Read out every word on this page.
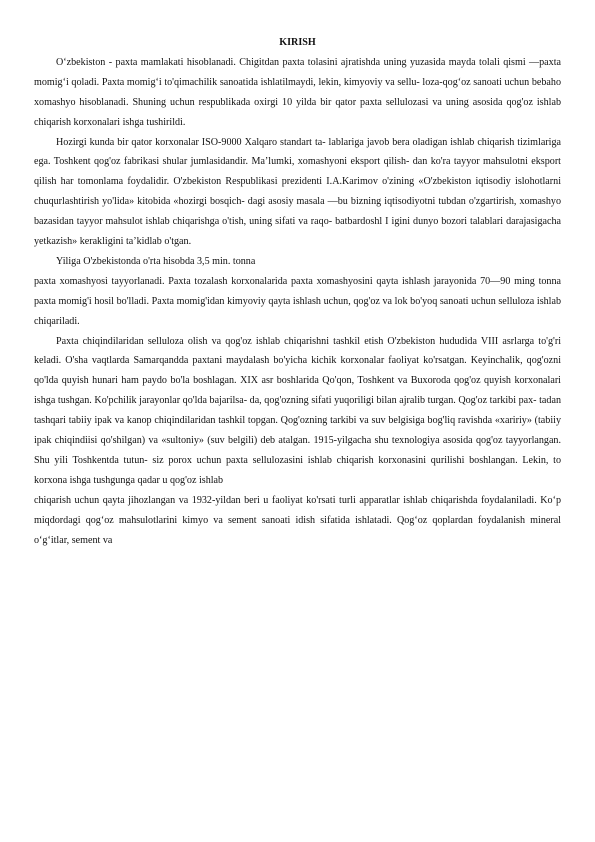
KIRISH

O‘zbekiston - paxta mamlakati hisoblanadi. Chigitdan paxta tolasini ajratishda uning yuzasida mayda tolali qismi —paxta momig‘i qoladi. Paxta momig‘i to'qimachilik sanoatida ishlatilmaydi, lekin, kimyoviy va sellu- loza-qog‘oz sanoati uchun bebaho xomashyo hisoblanadi. Shuning uchun respublikada oxirgi 10 yilda bir qator paxta sellulozasi va uning asosida qog'oz ishlab chiqarish korxonalari ishga tushirildi.

Hozirgi kunda bir qator korxonalar ISO-9000 Xalqaro standart ta- lablariga javob bera oladigan ishlab chiqarish tizimlariga ega. Toshkent qog'oz fabrikasi shular jumlasidandir. Ma’lumki, xomashyoni eksport qilish- dan ko'ra tayyor mahsulotni eksport qilish har tomonlama foydalidir. O'zbekiston Respublikasi prezidenti I.A.Karimov o'zining «O'zbekiston iqtisodiy islohotlarni chuqurlashtirish yo'lida» kitobida «hozirgi bosqich- dagi asosiy masala —bu bizning iqtisodiyotni tubdan o'zgartirish, xomashyo bazasidan tayyor mahsulot ishlab chiqarishga o'tish, uning sifati va raqo- batbardoshl I igini dunyo bozori talablari darajasigacha yetkazish» kerakligini ta’kidlab o'tgan.

Yiliga O'zbekistonda o'rta hisobda 3,5 min. tonna

paxta xomashyosi tayyorlanadi. Paxta tozalash korxonalarida paxta xomashyosini qayta ishlash jarayonida 70—90 ming tonna paxta momig'i hosil bo'lladi. Paxta momig'idan kimyoviy qayta ishlash uchun, qog'oz va lok bo'yoq sanoati uchun selluloza ishlab chiqariladi.

Paxta chiqindilaridan selluloza olish va qog'oz ishlab chiqarishni tashkil etish O'zbekiston hududida VIII asrlarga to'g'ri keladi. O'sha vaqtlarda Samarqandda paxtani maydalash bo'yicha kichik korxonalar faoliyat ko'rsatgan. Keyinchalik, qog'ozni qo'lda quyish hunari ham paydo bo'la boshlagan. XIX asr boshlarida Qo'qon, Toshkent va Buxoroda qog'oz quyish korxonalari ishga tushgan. Ko'pchilik jarayonlar qo'lda bajarilsa- da, qog'ozning sifati yuqoriligi bilan ajralib turgan. Qog'oz tarkibi pax- tadan tashqari tabiiy ipak va kanop chiqindilaridan tashkil topgan. Qog'ozning tarkibi va suv belgisiga bog'liq ravishda «xaririy» (tabiiy ipak chiqindiisi qo'shilgan) va «sultoniy» (suv belgili) deb atalgan. 1915-yilgacha shu texnologiya asosida qog'oz tayyorlangan. Shu yili Toshkentda tutun- siz porox uchun paxta sellulozasini ishlab chiqarish korxonasini qurilishi boshlangan. Lekin, to korxona ishga tushgunga qadar u qog'oz ishlab

chiqarish uchun qayta jihozlangan va 1932-yildan beri u faoliyat ko'rsati turli apparatlar ishlab chiqarishda foydalaniladi. Ko‘p miqdordagi qog‘oz mahsulotlarini kimyo va sement sanoati idish sifatida ishlatadi. Qog‘oz qoplardan foydalanish mineral o‘g‘itlar, sement va
